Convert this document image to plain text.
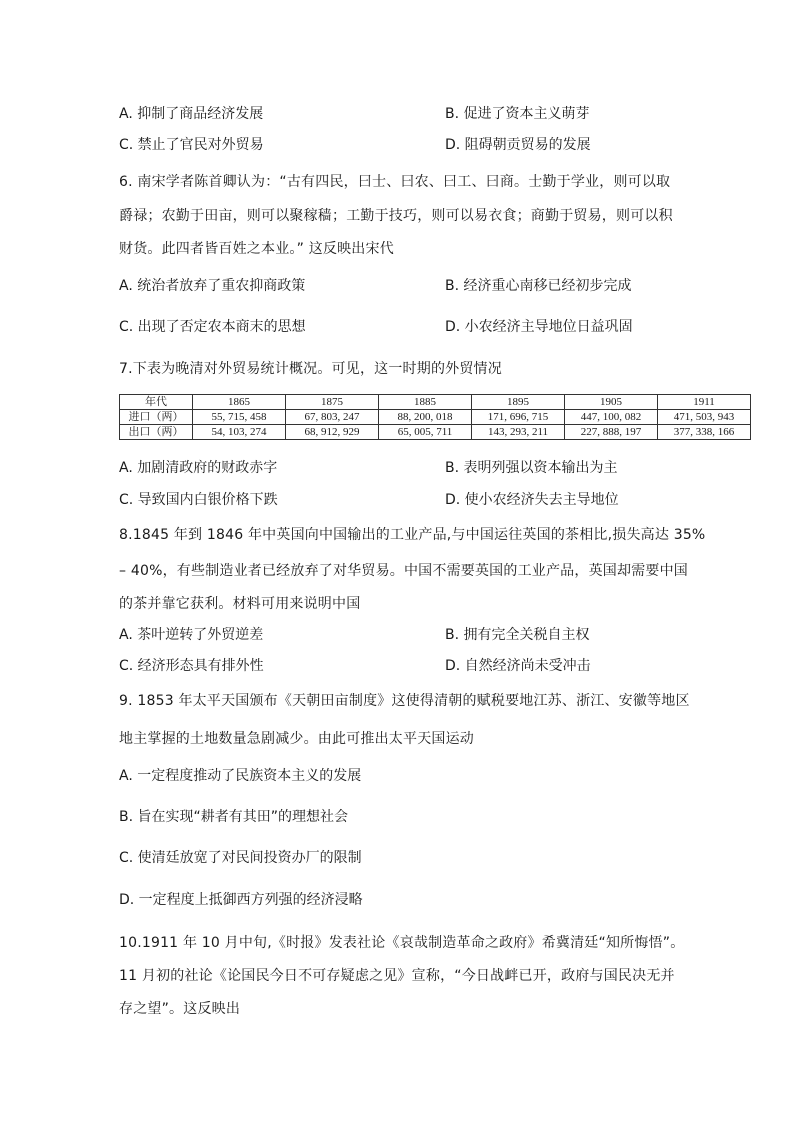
A. 抑制了商品经济发展	B. 促进了资本主义萌芽
C. 禁止了官民对外贸易	D. 阻碍朝贡贸易的发展
6. 南宋学者陈首卿认为：“古有四民，曰士、曰农、曰工、曰商。士勤于学业，则可以取
爵禄；农勤于田亩，则可以聚稼穑；工勤于技巧，则可以易衣食；商勤于贸易，则可以积
财货。此四者皆百姓之本业。” 这反映出宋代
A. 统治者放弃了重农抑商政策	B. 经济重心南移已经初步完成
C. 出现了否定农本商末的思想	D. 小农经济主导地位日益巩固
7.下表为晚清对外贸易统计概况。可见，这一时期的外贸情况
年代	1865	1875	1885	1895	1905	1911
进口（两）	55, 715, 458	67, 803, 247	88, 200, 018	171, 696, 715	447, 100, 082	471, 503, 943
出口（两）	54, 103, 274	68, 912, 929	65, 005, 711	143, 293, 211	227, 888, 197	377, 338, 166
A. 加剧清政府的财政赤字	B. 表明列强以资本输出为主
C. 导致国内白银价格下跌	D. 使小农经济失去主导地位
8.1845 年到 1846 年中英国向中国输出的工业产品,与中国运往英国的茶相比,损失高达 35%
– 40%，有些制造业者已经放弃了对华贸易。中国不需要英国的工业产品，英国却需要中国
的茶并靠它获利。材料可用来说明中国
A. 茶叶逆转了外贸逆差	B. 拥有完全关税自主权
C. 经济形态具有排外性	D. 自然经济尚未受冲击
9. 1853 年太平天国颁布《天朝田亩制度》这使得清朝的赋税要地江苏、浙江、安徽等地区
地主掌握的土地数量急剧减少。由此可推出太平天国运动
A. 一定程度推动了民族资本主义的发展
B. 旨在实现“耕者有其田”的理想社会
C. 使清廷放宽了对民间投资办厂的限制
D. 一定程度上抵御西方列强的经济浸略
10.1911 年 10 月中旬,《时报》发表社论《哀哉制造革命之政府》希冀清廷“知所悔悟”。
11 月初的社论《论国民今日不可存疑虑之见》宣称，“今日战衅已开，政府与国民决无并
存之望”。这反映出
